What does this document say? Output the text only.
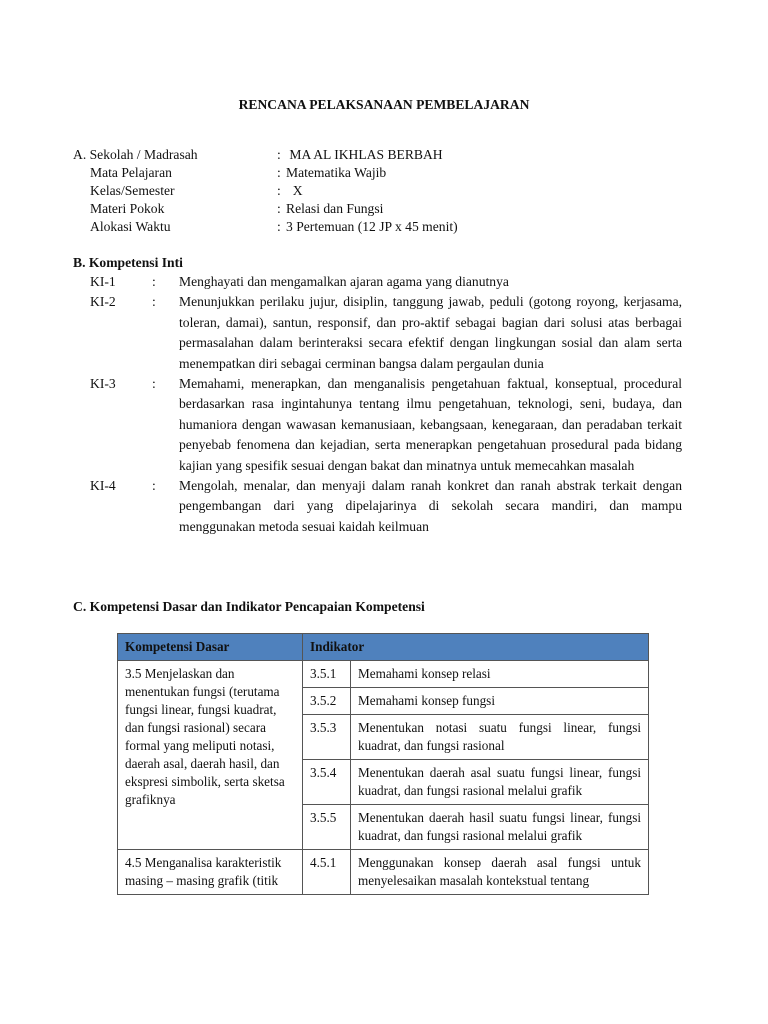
RENCANA PELAKSANAAN PEMBELAJARAN
A. Sekolah / Madrasah	: MA AL IKHLAS BERBAH
Mata Pelajaran	: Matematika Wajib
Kelas/Semester	: X
Materi Pokok	: Relasi dan Fungsi
Alokasi Waktu	: 3 Pertemuan (12 JP x 45 menit)
B. Kompetensi Inti
KI-1	:	Menghayati dan mengamalkan ajaran agama yang dianutnya
KI-2	:	Menunjukkan perilaku jujur, disiplin, tanggung jawab, peduli (gotong royong, kerjasama, toleran, damai), santun, responsif, dan pro-aktif sebagai bagian dari solusi atas berbagai permasalahan dalam berinteraksi secara efektif dengan lingkungan sosial dan alam serta menempatkan diri sebagai cerminan bangsa dalam pergaulan dunia
KI-3	:	Memahami, menerapkan, dan menganalisis pengetahuan faktual, konseptual, procedural berdasarkan rasa ingintahunya tentang ilmu pengetahuan, teknologi, seni, budaya, dan humaniora dengan wawasan kemanusiaan, kebangsaan, kenegaraan, dan peradaban terkait penyebab fenomena dan kejadian, serta menerapkan pengetahuan prosedural pada bidang kajian yang spesifik sesuai dengan bakat dan minatnya untuk memecahkan masalah
KI-4	:	Mengolah, menalar, dan menyaji dalam ranah konkret dan ranah abstrak terkait dengan pengembangan dari yang dipelajarinya di sekolah secara mandiri, dan mampu menggunakan metoda sesuai kaidah keilmuan
C. Kompetensi Dasar dan Indikator Pencapaian Kompetensi
Kompetensi Dasar	Indikator	
3.5 Menjelaskan dan menentukan fungsi (terutama fungsi linear, fungsi kuadrat, dan fungsi rasional) secara formal yang meliputi notasi, daerah asal, daerah hasil, dan ekspresi simbolik, serta sketsa grafiknya	3.5.1	Memahami konsep relasi
	3.5.2	Memahami konsep fungsi
	3.5.3	Menentukan notasi suatu fungsi linear, fungsi kuadrat, dan fungsi rasional
	3.5.4	Menentukan daerah asal suatu fungsi linear, fungsi kuadrat, dan fungsi rasional melalui grafik
	3.5.5	Menentukan daerah hasil suatu fungsi linear, fungsi kuadrat, dan fungsi rasional melalui grafik
4.5 Menganalisa karakteristik masing – masing grafik (titik	4.5.1	Menggunakan konsep daerah asal fungsi untuk menyelesaikan masalah kontekstual tentang
